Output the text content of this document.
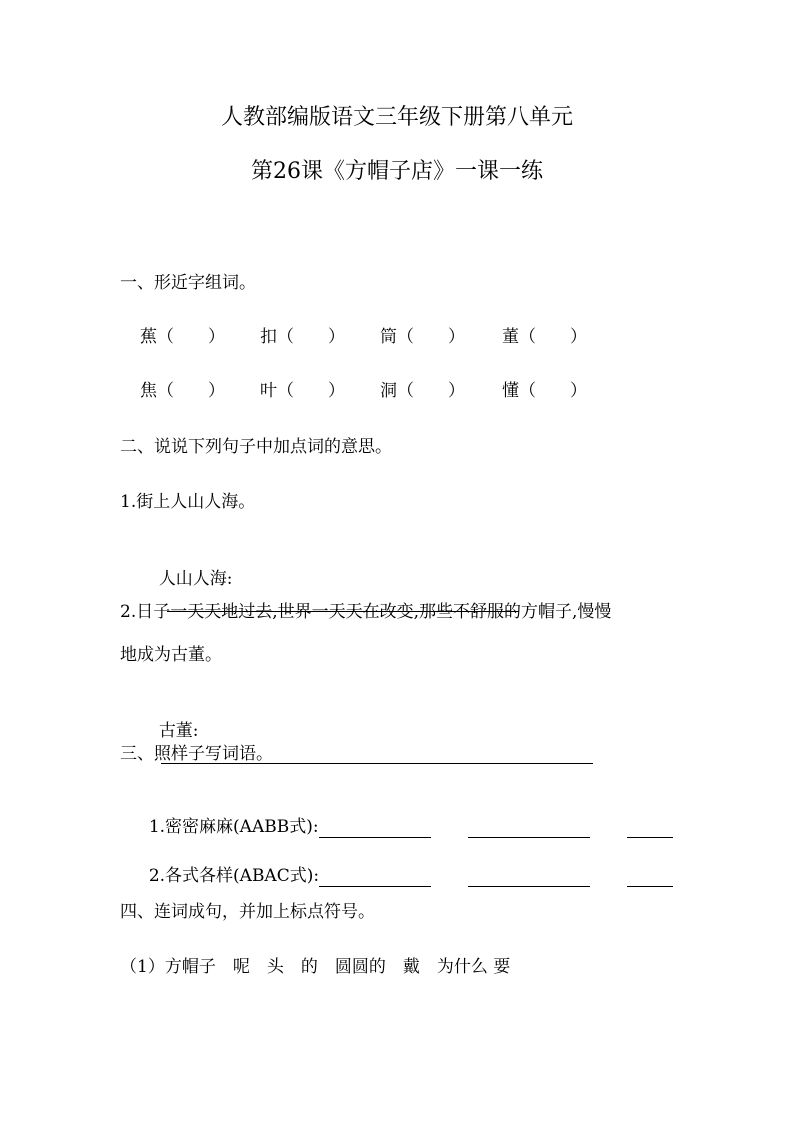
人教部编版语文三年级下册第八单元
第26课《方帽子店》一课一练
一、形近字组词。
蕉（　　） 扣（　　） 筒（　　） 董（　　）
焦（　　） 叶（　　） 洞（　　） 懂（　　）
二、说说下列句子中加点词的意思。
1.街上人山人海。

人山人海:

2.日子一天天地过去,世界一天天在改变,那些不舒服的方帽子,慢慢
地成为古董。

古董:

三、照样子写词语。

1.密密麻麻(AABB式):

2.各式各样(ABAC式):

四、连词成句，并加上标点符号。
（1）方帽子　呢　头　的　圆圆的　戴　为什么 要
